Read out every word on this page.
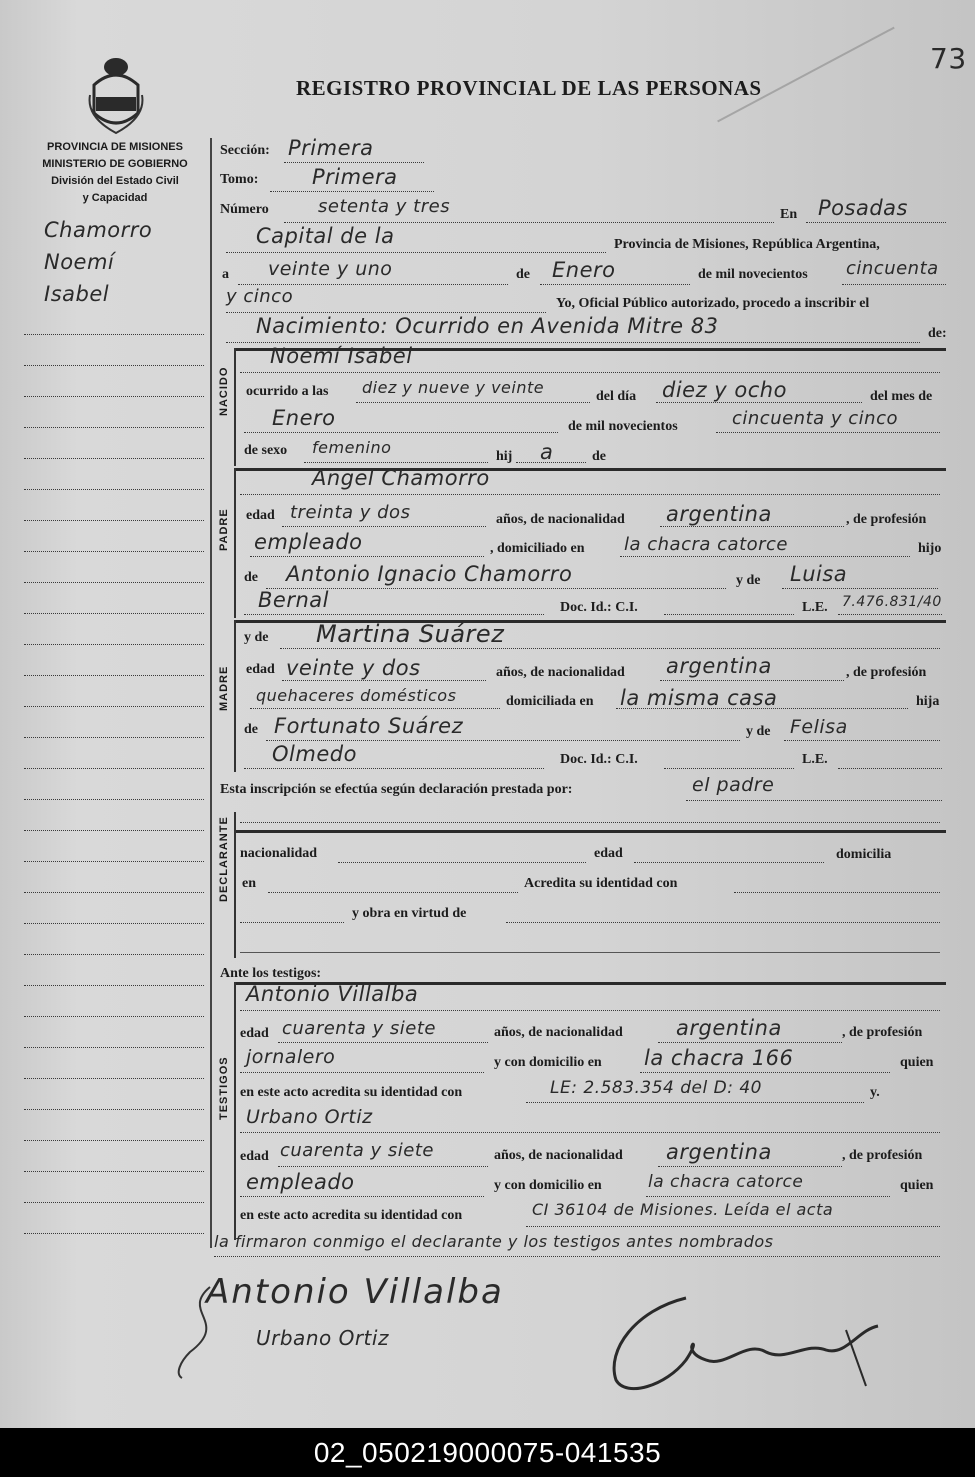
REGISTRO PROVINCIAL DE LAS PERSONAS
73
PROVINCIA DE MISIONES
MINISTERIO DE GOBIERNO
División del Estado Civil
y Capacidad
Chamorro
Noemí
Isabel
Sección: Primera
Tomo:	Primera
Número	setenta y tres	En Posadas
Capital de la	Provincia de Misiones, República Argentina,
a veinte y uno	de Enero	de mil novecientos cincuenta
y cinco	Yo, Oficial Público autorizado, procedo a inscribir el
Nacimiento: Ocurrido en Avenida Mitre 83	de:
NACIDO
Noemí Isabel
ocurrido a las diez y nueve y veinte	del día diez y ocho	del mes de
Enero	de mil novecientos	cincuenta y cinco
de sexo femenino	hij a	de
PADRE
Angel Chamorro
edad treinta y dos	años, de nacionalidad argentina	, de profesión
empleado	, domiciliado en la chacra catorce	hijo
de Antonio Ignacio Chamorro	y de Luisa
Bernal	Doc. Id.: C.I.	L.E. 7.476.831/40
MADRE
y de Martina Suárez
edad veinte y dos	años, de nacionalidad argentina	, de profesión
quehaceres domésticos	domiciliada en la misma casa	hija
de Fortunato Suárez	y de Felisa
Olmedo	Doc. Id.: C.I.	L.E.
Esta inscripción se efectúa según declaración prestada por:	el padre
DECLARANTE nacionalidad	edad	domicilia
en	Acredita su identidad con
y obra en virtud de
Ante los testigos:
TESTIGOS
Antonio Villalba
edad cuarenta y siete	años, de nacionalidad	argentina	, de profesión
jornalero	y con domicilio en la chacra 166	quien
en este acto acredita su identidad con	LE: 2.583.354 del D: 40	y.
Urbano Ortiz
edad cuarenta y siete	años, de nacionalidad argentina	, de profesión
empleado	y con domicilio en	la chacra catorce	quien
en este acto acredita su identidad con	CI 36104 de Misiones. Leída el acta
la firmaron conmigo el declarante y los testigos antes nombrados
Antonio Villalba
Urbano Ortiz
02_050219000075-041535
